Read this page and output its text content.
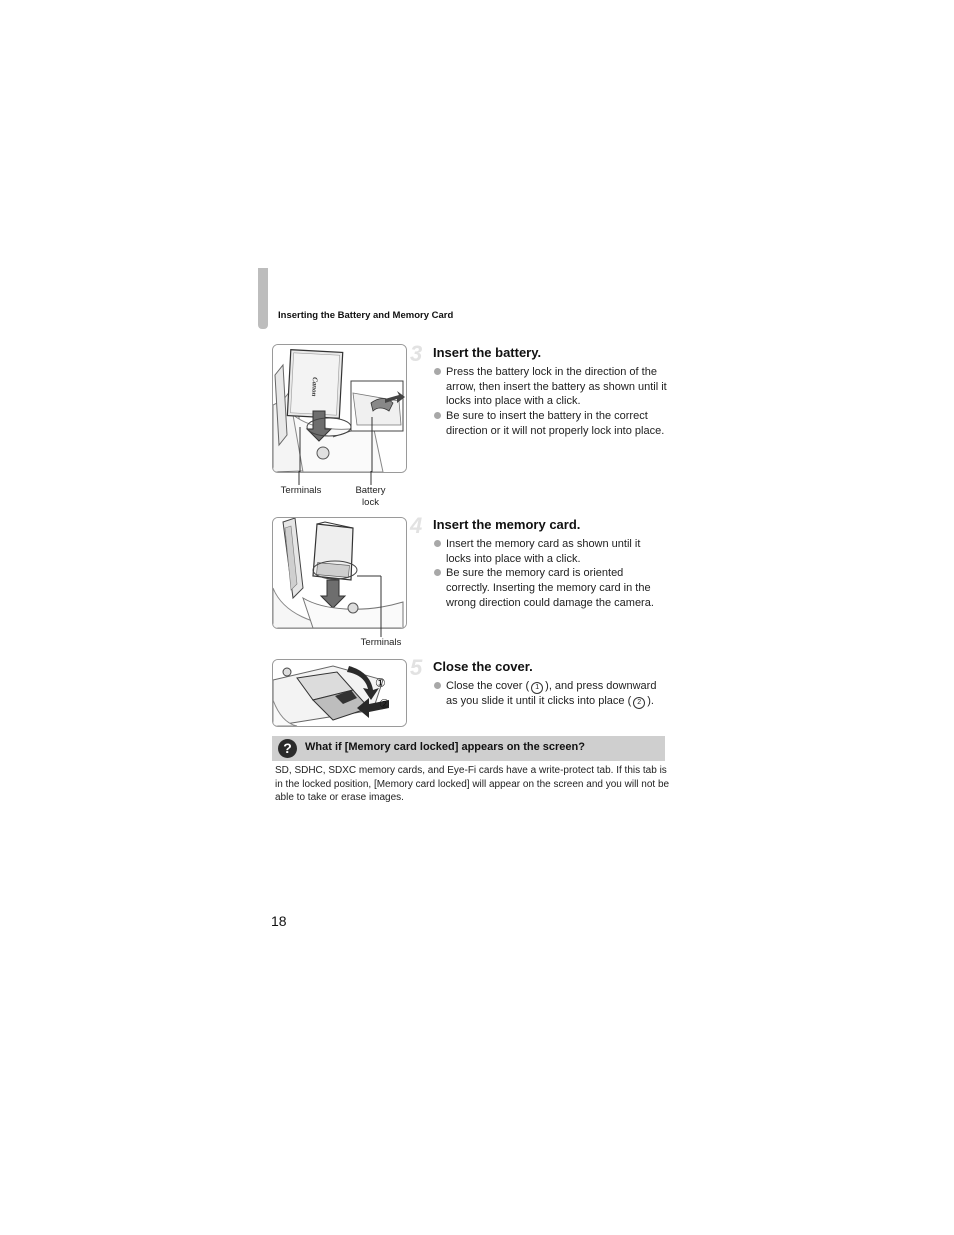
Inserting the Battery and Memory Card
Canon
Terminals	Battery lock
3 Insert the battery.
Press the battery lock in the direction of the arrow, then insert the battery as shown until it locks into place with a click.
Be sure to insert the battery in the correct direction or it will not properly lock into place.
Terminals
4 Insert the memory card.
Insert the memory card as shown until it locks into place with a click.
Be sure the memory card is oriented correctly. Inserting the memory card in the wrong direction could damage the camera.
①
②
5 Close the cover.
Close the cover ( 1 ), and press downward as you slide it until it clicks into place ( 2 ).
?	What if [Memory card locked] appears on the screen?
SD, SDHC, SDXC memory cards, and Eye-Fi cards have a write-protect tab. If this tab is in the locked position, [Memory card locked] will appear on the screen and you will not be able to take or erase images.
18
